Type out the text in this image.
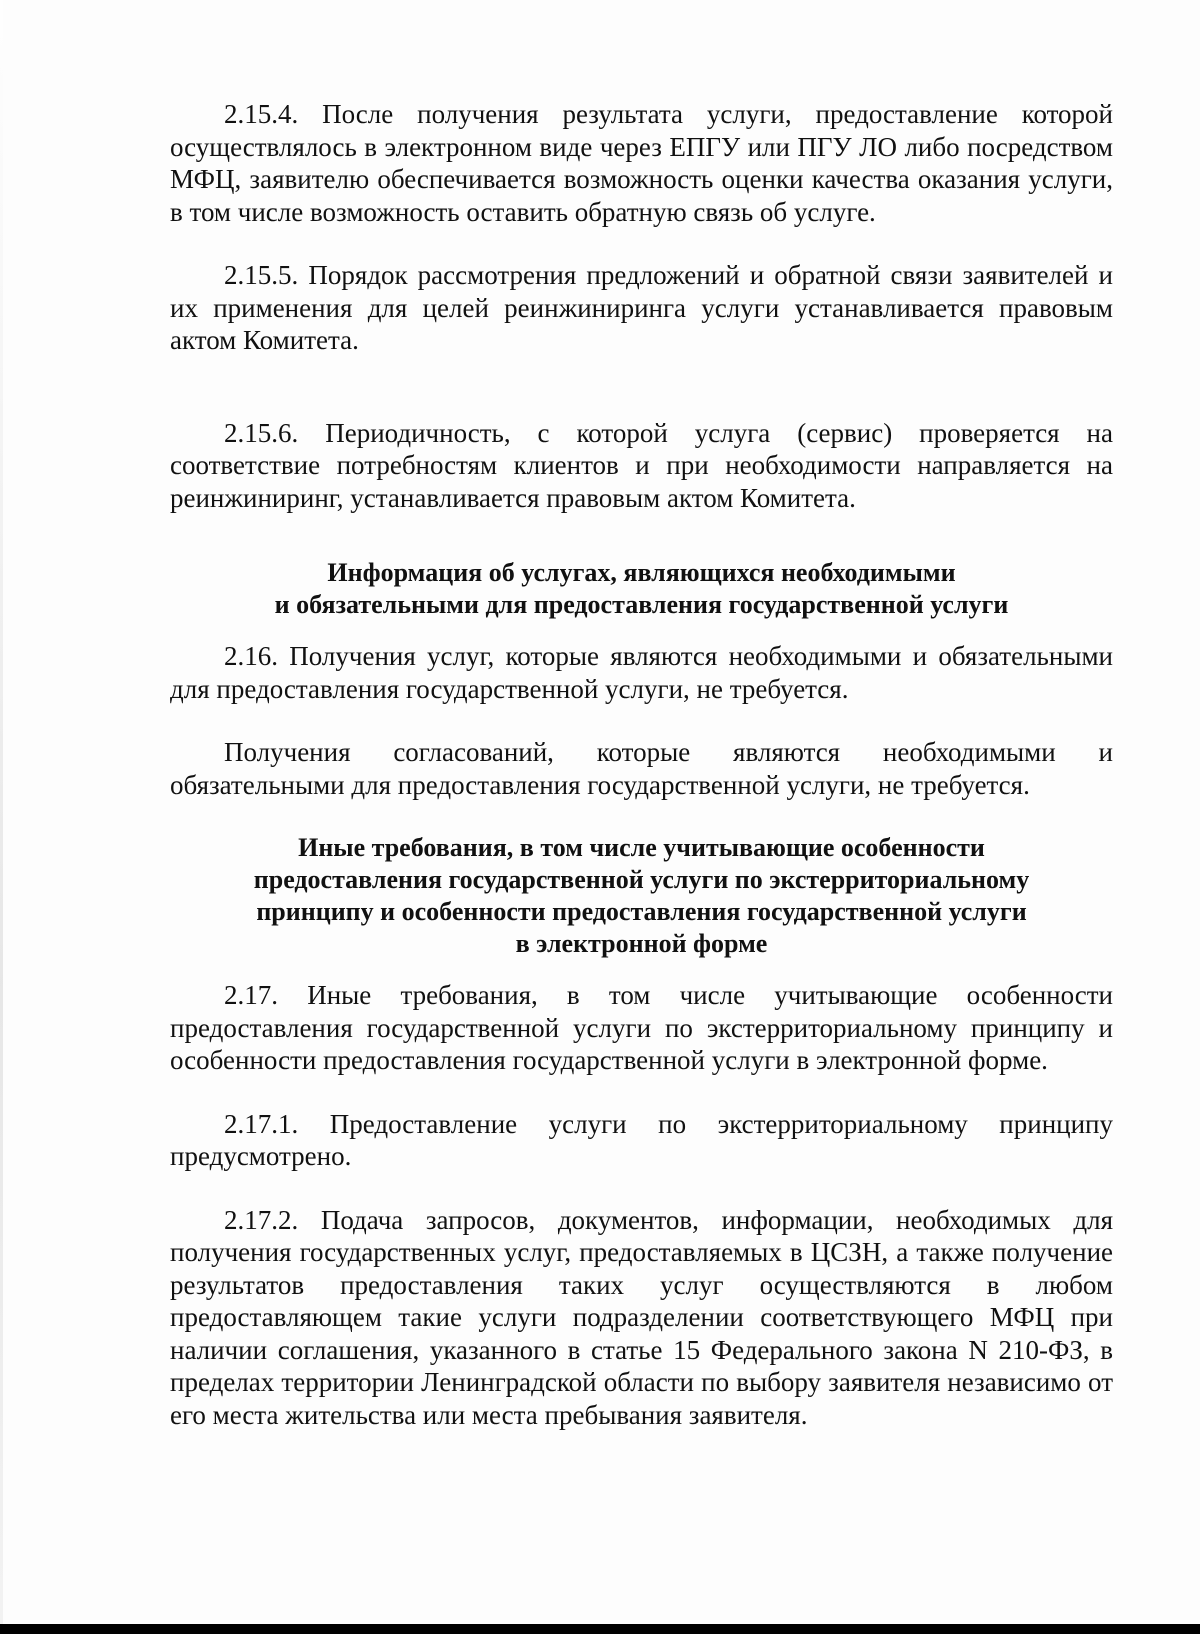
2.15.4. После получения результата услуги, предоставление которой осуществлялось в электронном виде через ЕПГУ или ПГУ ЛО либо посредством МФЦ, заявителю обеспечивается возможность оценки качества оказания услуги, в том числе возможность оставить обратную связь об услуге.

2.15.5. Порядок рассмотрения предложений и обратной связи заявителей и их применения для целей реинжиниринга услуги устанавливается правовым актом Комитета.

2.15.6. Периодичность, с которой услуга (сервис) проверяется на соответствие потребностям клиентов и при необходимости направляется на реинжиниринг, устанавливается правовым актом Комитета.

Информация об услугах, являющихся необходимыми

и обязательными для предоставления государственной услуги

2.16. Получения услуг, которые являются необходимыми и обязательными для предоставления государственной услуги, не требуется.

Получения согласований, которые являются необходимыми и обязательными для предоставления государственной услуги, не требуется.

Иные требования, в том числе учитывающие особенности

предоставления государственной услуги по экстерриториальному

принципу и особенности предоставления государственной услуги

в электронной форме

2.17. Иные требования, в том числе учитывающие особенности предоставления государственной услуги по экстерриториальному принципу и особенности предоставления государственной услуги в электронной форме.

2.17.1. Предоставление услуги по экстерриториальному принципу предусмотрено.

2.17.2. Подача запросов, документов, информации, необходимых для получения государственных услуг, предоставляемых в ЦСЗН, а также получение результатов предоставления таких услуг осуществляются в любом предоставляющем такие услуги подразделении соответствующего МФЦ при наличии соглашения, указанного в статье 15 Федерального закона N 210-ФЗ, в пределах территории Ленинградской области по выбору заявителя независимо от его места жительства или места пребывания заявителя.
